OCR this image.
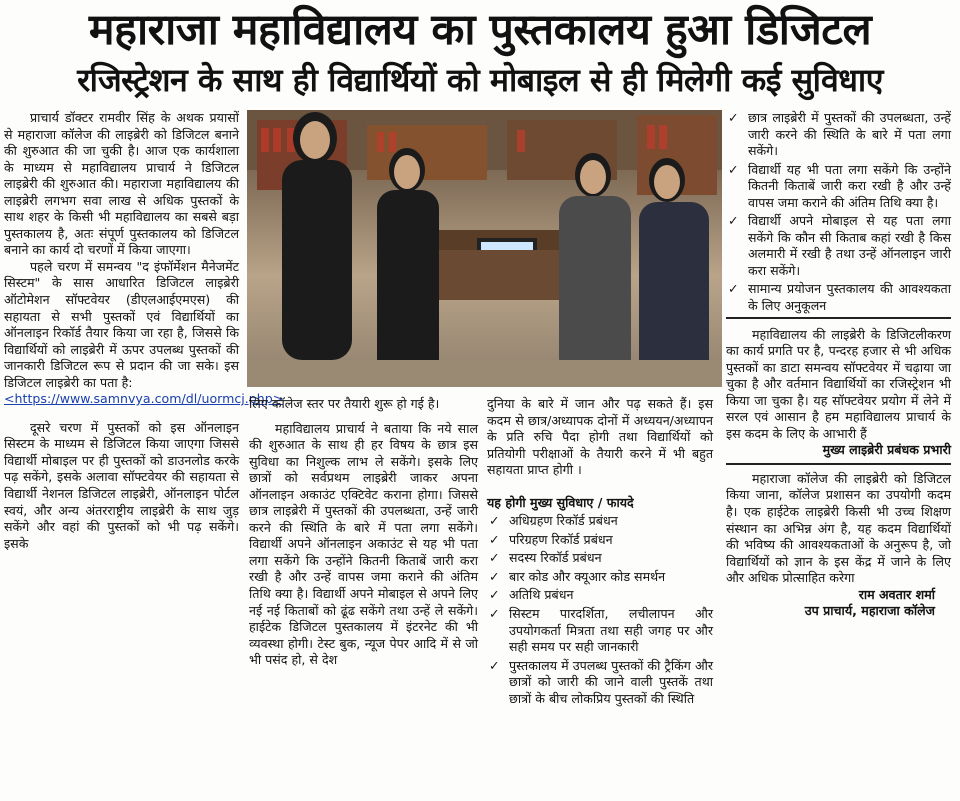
महाराजा महाविद्यालय का पुस्तकालय हुआ डिजिटल
रजिस्ट्रेशन के साथ ही विद्यार्थियों को मोबाइल से ही मिलेगी कई सुविधाए

प्राचार्य डॉक्टर रामवीर सिंह के अथक प्रयासों से महाराजा कॉलेज की लाइब्रेरी को डिजिटल बनाने की शुरुआत की जा चुकी है। आज एक कार्यशाला के माध्यम से महाविद्यालय प्राचार्य ने डिजिटल लाइब्रेरी की शुरुआत की। महाराजा महाविद्यालय की लाइब्रेरी लगभग सवा लाख से अधिक पुस्तकों के साथ शहर के किसी भी महाविद्यालय का सबसे बड़ा पुस्तकालय है, अतः संपूर्ण पुस्तकालय को डिजिटल बनाने का कार्य दो चरणों में किया जाएगा।

पहले चरण में समन्वय "द इंफॉर्मेशन मैनेजमेंट सिस्टम" के सास आधारित डिजिटल लाइब्रेरी ऑटोमेशन सॉफ्टवेयर (डीएलआईएमएस) की सहायता से सभी पुस्तकों एवं विद्यार्थियों का ऑनलाइन रिकॉर्ड तैयार किया जा रहा है, जिससे कि विद्यार्थियों को लाइब्रेरी में ऊपर उपलब्ध पुस्तकों की जानकारी डिजिटल रूप से प्रदान की जा सके। इस डिजिटल लाइब्रेरी का पता है:

<https://www.samnvya.com/dl/uormcj.php>

दूसरे चरण में पुस्तकों को इस ऑनलाइन सिस्टम के माध्यम से डिजिटल किया जाएगा जिससे विद्यार्थी मोबाइल पर ही पुस्तकों को डाउनलोड करके पढ़ सकेंगे, इसके अलावा सॉफ्टवेयर की सहायता से विद्यार्थी नेशनल डिजिटल लाइब्रेरी, ऑनलाइन पोर्टल स्वयं, और अन्य अंतरराष्ट्रीय लाइब्रेरी के साथ जुड़ सकेंगे और वहां की पुस्तकों को भी पढ़ सकेंगे। इसके

लिए कॉलेज स्तर पर तैयारी शुरू हो गई है।

महाविद्यालय प्राचार्य ने बताया कि नये साल की शुरुआत के साथ ही हर विषय के छात्र इस सुविधा का निशुल्क लाभ ले सकेंगे। इसके लिए छात्रों को सर्वप्रथम लाइब्रेरी जाकर अपना ऑनलाइन अकाउंट एक्टिवेट कराना होगा। जिससे छात्र लाइब्रेरी में पुस्तकों की उपलब्धता, उन्हें जारी करने की स्थिति के बारे में पता लगा सकेंगे। विद्यार्थी अपने ऑनलाइन अकाउंट से यह भी पता लगा सकेंगे कि उन्होंने कितनी किताबें जारी करा रखी है और उन्हें वापस जमा कराने की अंतिम तिथि क्या है। विद्यार्थी अपने मोबाइल से अपने लिए नई नई किताबों को ढूंढ सकेंगे तथा उन्हें ले सकेंगे। हाईटेक डिजिटल पुस्तकालय में इंटरनेट की भी व्यवस्था होगी। टेस्ट बुक, न्यूज पेपर आदि में से जो भी पसंद हो, से देश

दुनिया के बारे में जान और पढ़ सकते हैं। इस कदम से छात्र/अध्यापक दोनों में अध्ययन/अध्यापन के प्रति रुचि पैदा होगी तथा विद्यार्थियों को प्रतियोगी परीक्षाओं के तैयारी करने में भी बहुत सहायता प्राप्त होगी ।

यह होगी मुख्य सुविधाए / फायदे
✓ अधिग्रहण रिकॉर्ड प्रबंधन
✓ परिग्रहण रिकॉर्ड प्रबंधन
✓ सदस्य रिकॉर्ड प्रबंधन
✓ बार कोड और क्यूआर कोड समर्थन
✓ अतिथि प्रबंधन
✓ सिस्टम पारदर्शिता, लचीलापन और उपयोगकर्ता मित्रता तथा सही जगह पर और सही समय पर सही जानकारी
✓ पुस्तकालय में उपलब्ध पुस्तकों की ट्रैकिंग और छात्रों को जारी की जाने वाली पुस्तकें तथा छात्रों के बीच लोकप्रिय पुस्तकों की स्थिति
✓ छात्र लाइब्रेरी में पुस्तकों की उपलब्धता, उन्हें जारी करने की स्थिति के बारे में पता लगा सकेंगे।
✓ विद्यार्थी यह भी पता लगा सकेंगे कि उन्होंने कितनी किताबें जारी करा रखी है और उन्हें वापस जमा कराने की अंतिम तिथि क्या है।
✓ विद्यार्थी अपने मोबाइल से यह पता लगा सकेंगे कि कौन सी किताब कहां रखी है किस अलमारी में रखी है तथा उन्हें ऑनलाइन जारी करा सकेंगे।
✓ सामान्य प्रयोजन पुस्तकालय की आवश्यकता के लिए अनुकूलन

महाविद्यालय की लाइब्रेरी के डिजिटलीकरण का कार्य प्रगति पर है, पन्दरह हजार से भी अधिक पुस्तकों का डाटा समन्वय सॉफ्टवेयर में चढ़ाया जा चुका है और वर्तमान विद्यार्थियों का रजिस्ट्रेशन भी किया जा चुका है। यह सॉफ्टवेयर प्रयोग में लेने में सरल एवं आसान है हम महाविद्यालय प्राचार्य के इस कदम के लिए के आभारी हैं

मुख्य लाइब्रेरी प्रबंधक प्रभारी

महाराजा कॉलेज की लाइब्रेरी को डिजिटल किया जाना, कॉलेज प्रशासन का उपयोगी कदम है। एक हाईटेक लाइब्रेरी किसी भी उच्च शिक्षण संस्थान का अभिन्न अंग है, यह कदम विद्यार्थियों की भविष्य की आवश्यकताओं के अनुरूप है, जो विद्यार्थियों को ज्ञान के इस केंद्र में जाने के लिए और अधिक प्रोत्साहित करेगा

राम अवतार शर्मा
उप प्राचार्य, महाराजा कॉलेज
